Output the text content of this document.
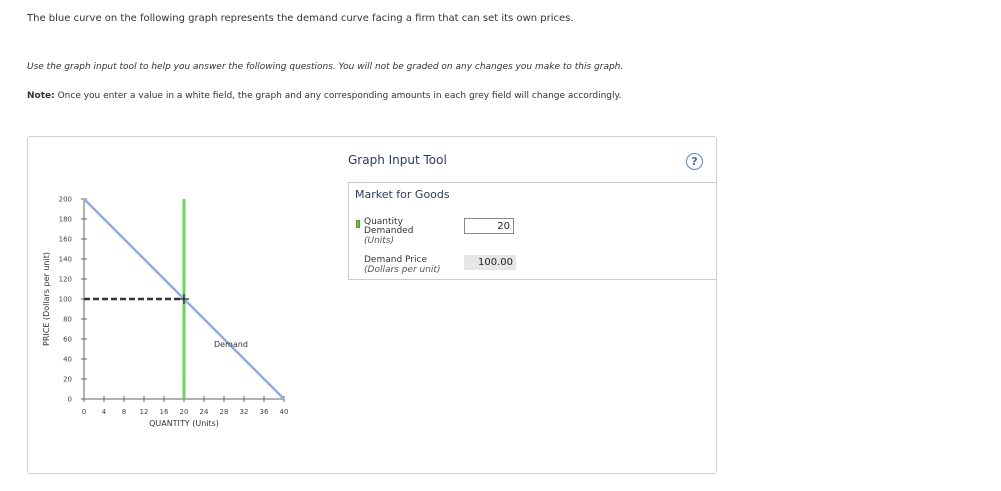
The blue curve on the following graph represents the demand curve facing a firm that can set its own prices.

Use the graph input tool to help you answer the following questions. You will not be graded on any changes you make to this graph.

Note: Once you enter a value in a white field, the graph and any corresponding amounts in each grey field will change accordingly.

0
20
40
60
80
100
120
140
160
180
200
0 4 8 12 16 20 24 28 32 36 40
QUANTITY (Units)
PRICE (Dollars per unit)	Demand

Graph Input Tool	?

Market for Goods

Quantity Demanded
(Units)
20
Demand Price
(Dollars per unit)
100.00
